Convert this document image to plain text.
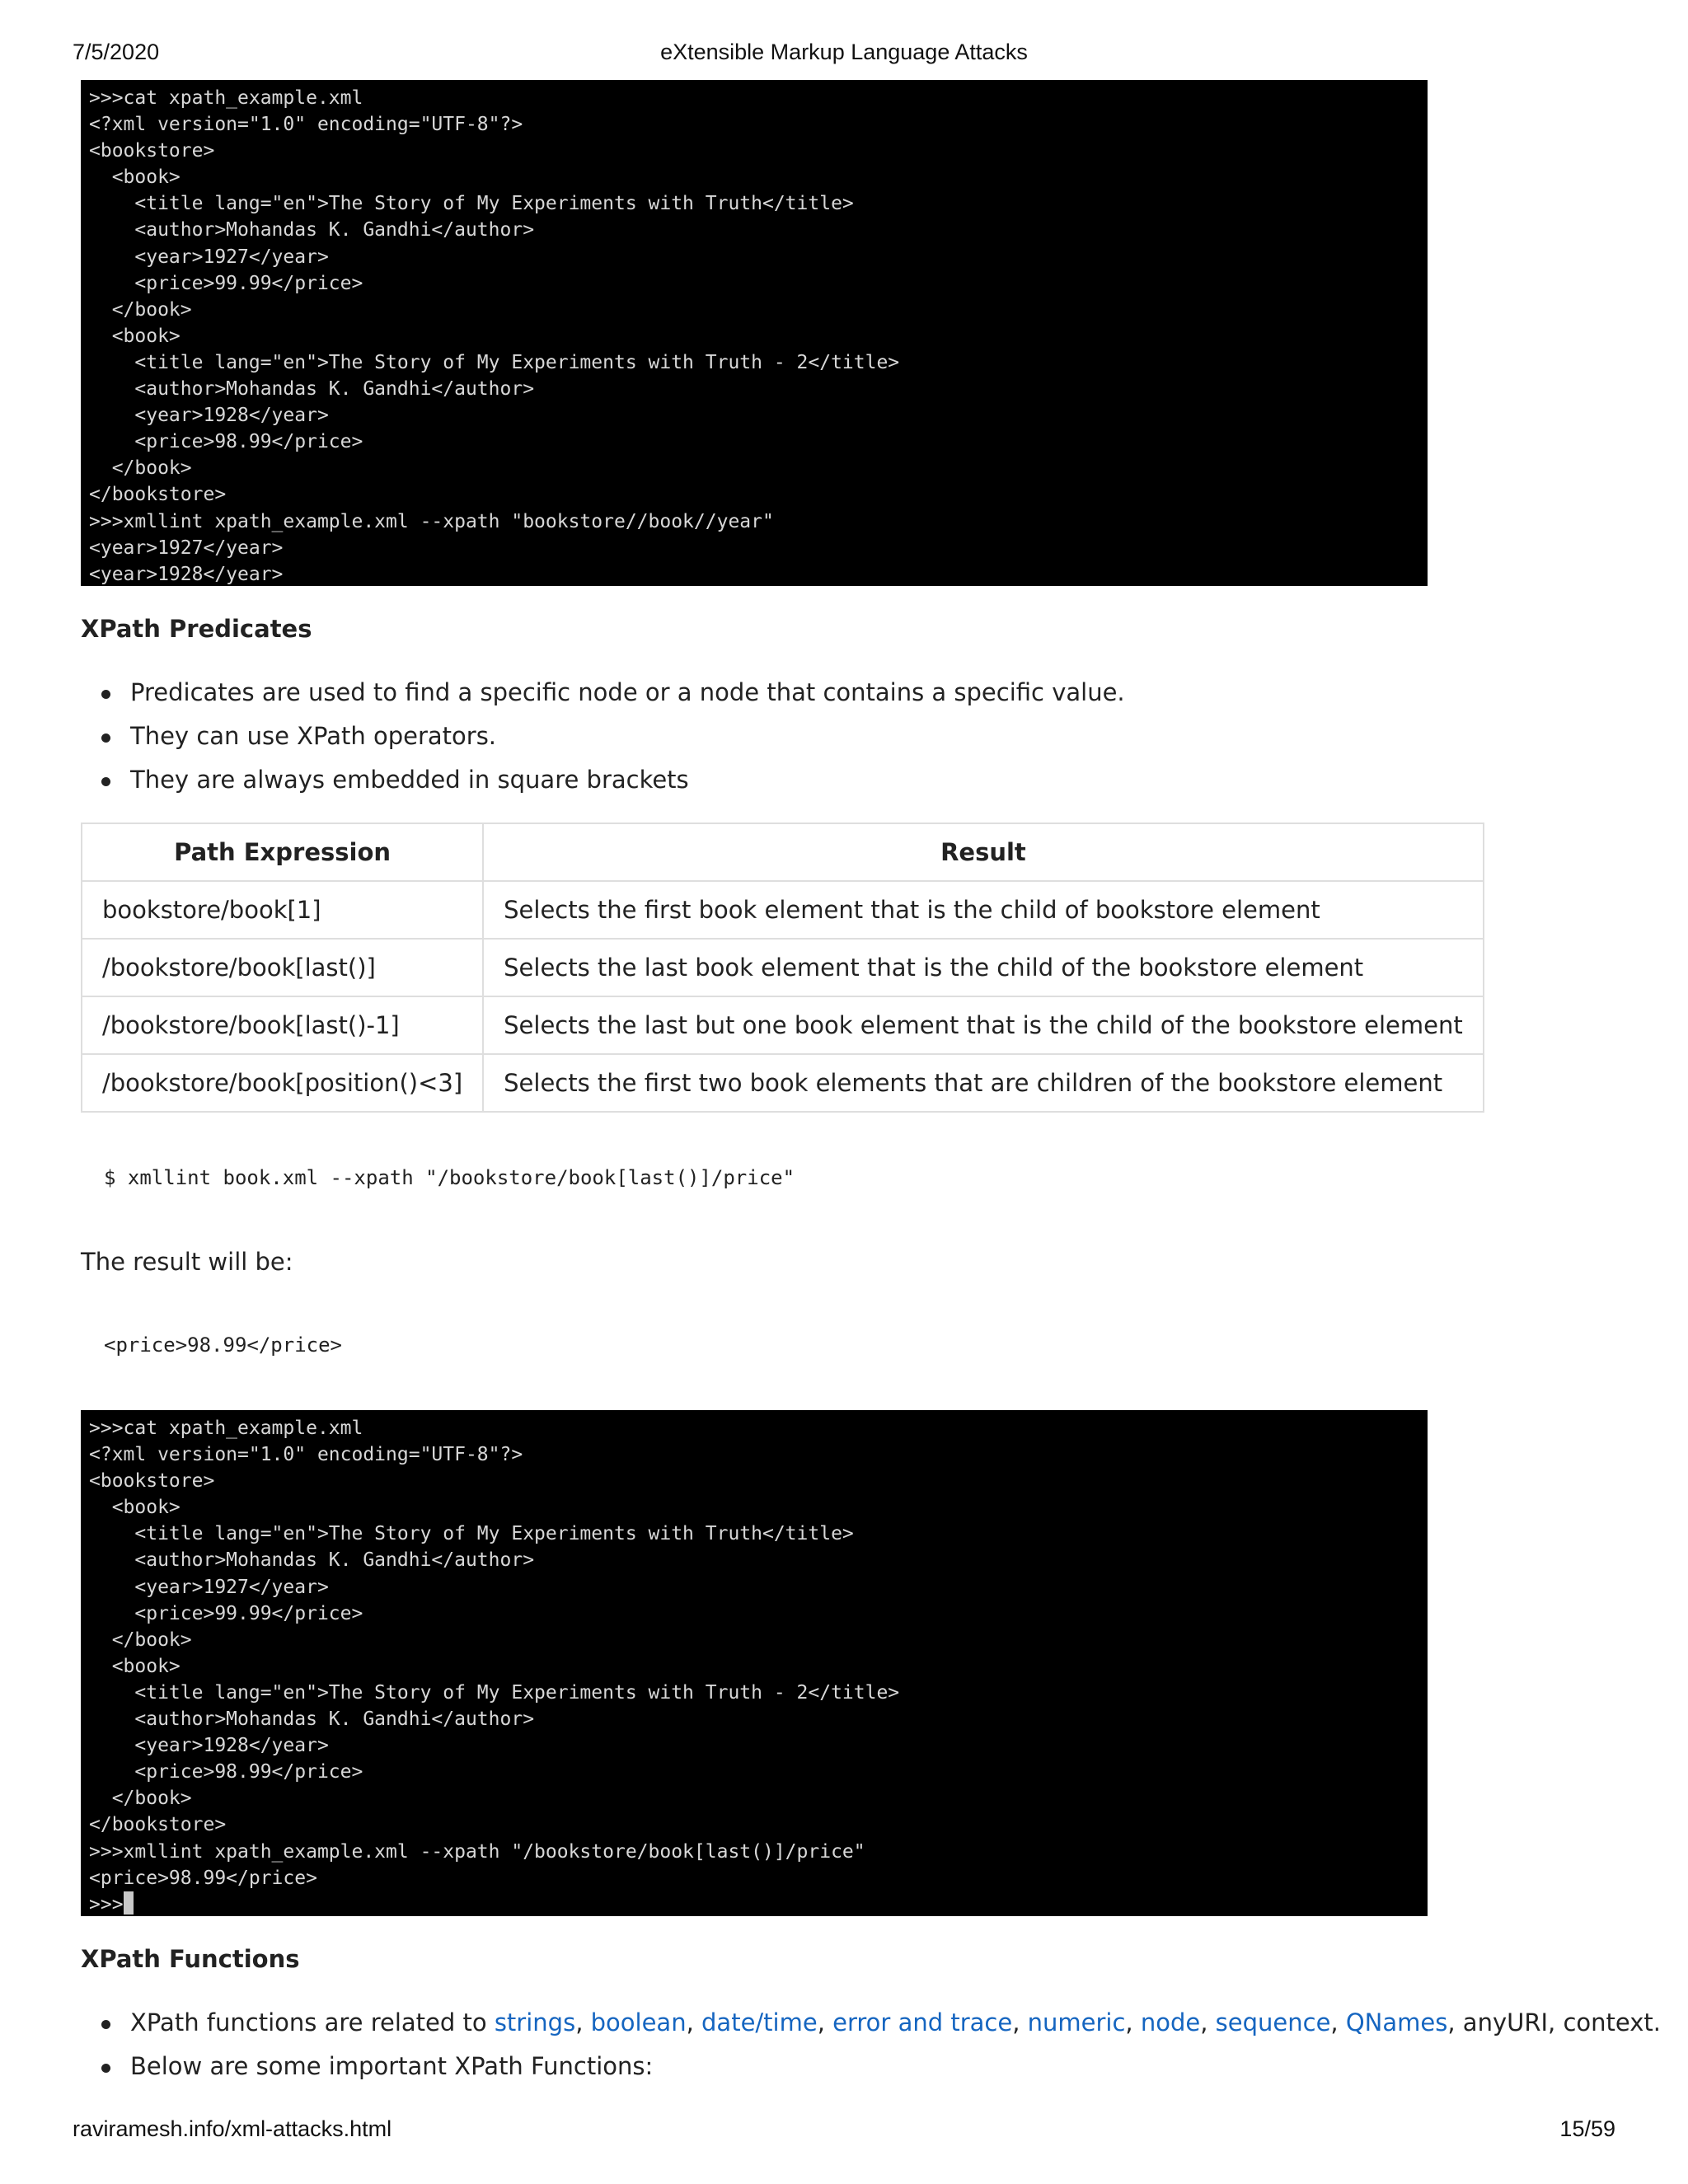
7/5/2020	eXtensible Markup Language Attacks
>>>cat xpath_example.xml
<?xml version="1.0" encoding="UTF-8"?>
<bookstore>
<book>
<title lang="en">The Story of My Experiments with Truth</title>
<author>Mohandas K. Gandhi</author>
<year>1927</year>
<price>99.99</price>
</book>
<book>
<title lang="en">The Story of My Experiments with Truth - 2</title>
<author>Mohandas K. Gandhi</author>
<year>1928</year>
<price>98.99</price>
</book>
</bookstore>
>>>xmllint xpath_example.xml --xpath "bookstore//book//year"
<year>1927</year>
<year>1928</year>
XPath Predicates
Predicates are used to find a specific node or a node that contains a specific value.
They can use XPath operators.
They are always embedded in square brackets
Path Expression	Result
bookstore/book[1]	Selects the first book element that is the child of bookstore element
/bookstore/book[last()]	Selects the last book element that is the child of the bookstore element
/bookstore/book[last()-1]	Selects the last but one book element that is the child of the bookstore element
/bookstore/book[position()<3]	Selects the first two book elements that are children of the bookstore element
$ xmllint book.xml --xpath "/bookstore/book[last()]/price"
The result will be:
<price>98.99</price>
>>>cat xpath_example.xml
<?xml version="1.0" encoding="UTF-8"?>
<bookstore>
<book>
<title lang="en">The Story of My Experiments with Truth</title>
<author>Mohandas K. Gandhi</author>
<year>1927</year>
<price>99.99</price>
</book>
<book>
<title lang="en">The Story of My Experiments with Truth - 2</title>
<author>Mohandas K. Gandhi</author>
<year>1928</year>
<price>98.99</price>
</book>
</bookstore>
>>>xmllint xpath_example.xml --xpath "/bookstore/book[last()]/price"
<price>98.99</price>
>>>
XPath Functions
XPath functions are related to strings, boolean, date/time, error and trace, numeric, node, sequence, QNames, anyURI, context.
Below are some important XPath Functions:
raviramesh.info/xml-attacks.html	15/59
